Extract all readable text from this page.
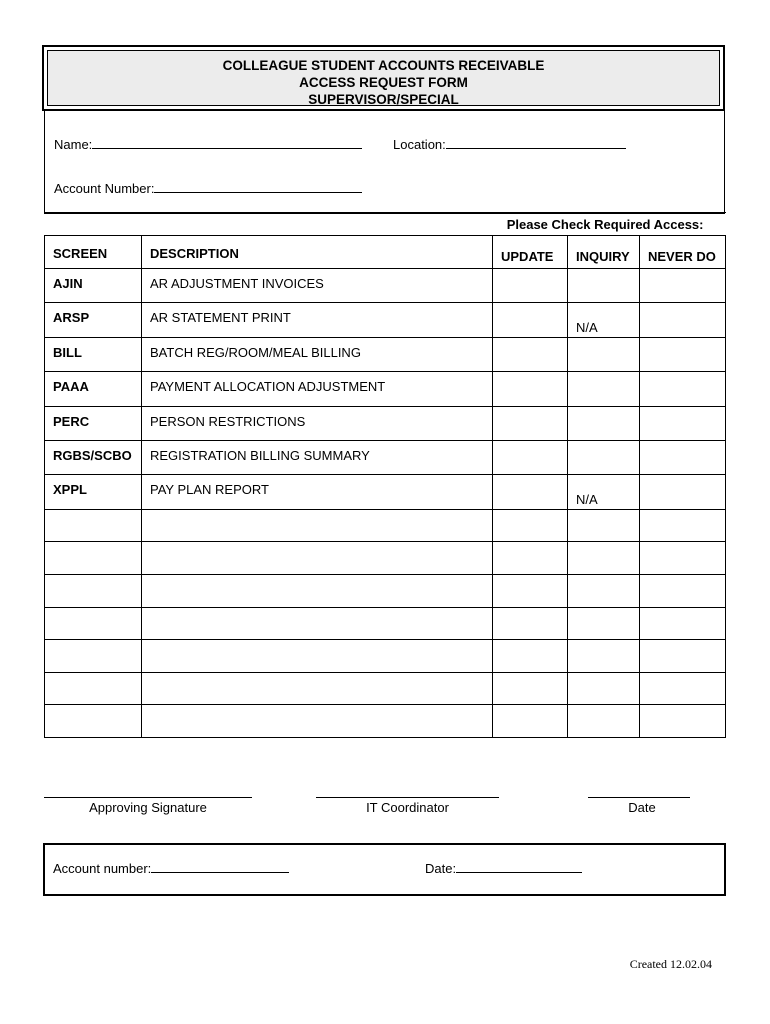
COLLEAGUE STUDENT ACCOUNTS RECEIVABLE
ACCESS REQUEST FORM
SUPERVISOR/SPECIAL
Name:	Location:
Account Number:
Please Check Required Access:				
SCREEN	DESCRIPTION	UPDATE	INQUIRY	NEVER DO
AJIN	AR ADJUSTMENT INVOICES		

ARSP	AR STATEMENT PRINT		N/A	

BILL	BATCH REG/ROOM/MEAL BILLING		

PAAA	PAYMENT ALLOCATION ADJUSTMENT		

PERC	PERSON RESTRICTIONS		

RGBS/SCBO	REGISTRATION BILLING SUMMARY		

XPPL	PAY PLAN REPORT		N/A	

Approving Signature	IT Coordinator	Date
Account number:	Date:
Created 12.02.04
